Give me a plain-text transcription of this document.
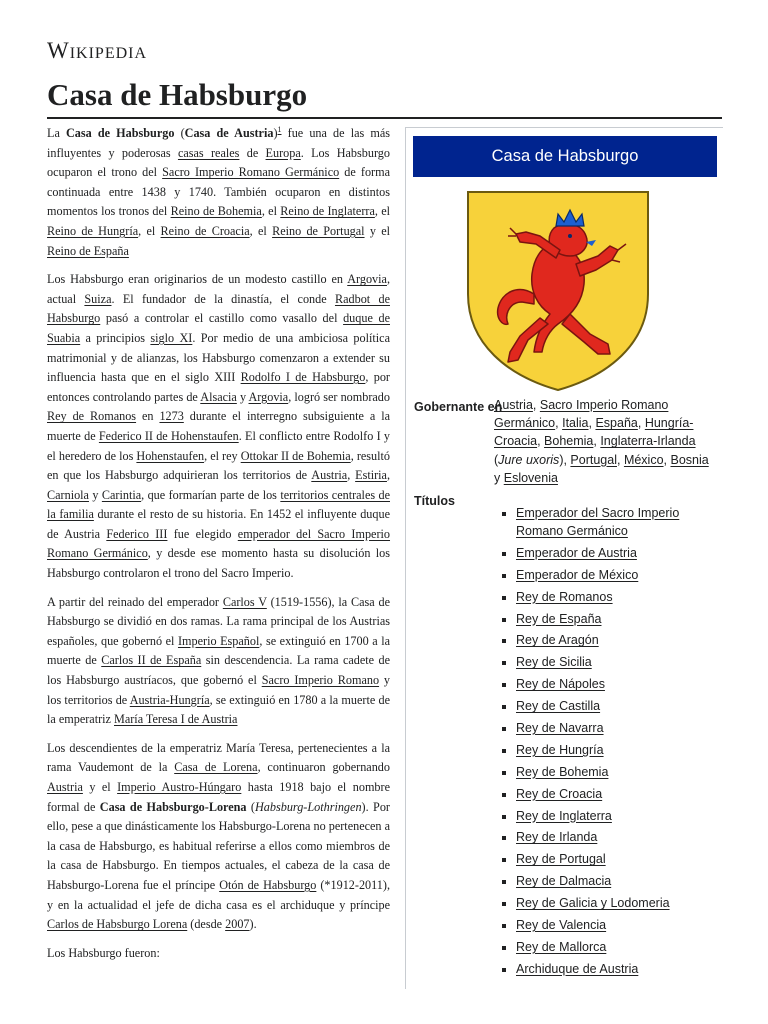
Wikipedia
Casa de Habsburgo

La Casa de Habsburgo (Casa de Austria)$^1$ fue una de las más influyentes y poderosas casas reales de Europa. Los Habsburgo ocuparon el trono del Sacro Imperio Romano Germánico de forma continuada entre 1438 y 1740. También ocuparon en distintos momentos los tronos del Reino de Bohemia, el Reino de Inglaterra, el Reino de Hungría, el Reino de Croacia, el Reino de Portugal y el Reino de España

Los Habsburgo eran originarios de un modesto castillo en Argovia, actual Suiza. El fundador de la dinastía, el conde Radbot de Habsburgo pasó a controlar el castillo como vasallo del duque de Suabia a principios siglo XI. Por medio de una ambiciosa política matrimonial y de alianzas, los Habsburgo comenzaron a extender su influencia hasta que en el siglo XIII Rodolfo I de Habsburgo, por entonces controlando partes de Alsacia y Argovia, logró ser nombrado Rey de Romanos en 1273 durante el interregno subsiguiente a la muerte de Federico II de Hohenstaufen. El conflicto entre Rodolfo I y el heredero de los Hohenstaufen, el rey Ottokar II de Bohemia, resultó en que los Habsburgo adquirieran los territorios de Austria, Estiria, Carniola y Carintia, que formarían parte de los territorios centrales de la familia durante el resto de su historia. En 1452 el influyente duque de Austria Federico III fue elegido emperador del Sacro Imperio Romano Germánico, y desde ese momento hasta su disolución los Habsburgo controlaron el trono del Sacro Imperio.

A partir del reinado del emperador Carlos V (1519-1556), la Casa de Habsburgo se dividió en dos ramas. La rama principal de los Austrias españoles, que gobernó el Imperio Español, se extinguió en 1700 a la muerte de Carlos II de España sin descendencia. La rama cadete de los Habsburgo austríacos, que gobernó el Sacro Imperio Romano y los territorios de Austria-Hungría, se extinguió en 1780 a la muerte de la emperatriz María Teresa I de Austria

Los descendientes de la emperatriz María Teresa, pertenecientes a la rama Vaudemont de la Casa de Lorena, continuaron gobernando Austria y el Imperio Austro-Húngaro hasta 1918 bajo el nombre formal de Casa de Habsburgo-Lorena (Habsburg-Lothringen). Por ello, pese a que dinásticamente los Habsburgo-Lorena no pertenecen a la casa de Habsburgo, es habitual referirse a ellos como miembros de la casa de Habsburgo. En tiempos actuales, el cabeza de la casa de Habsburgo-Lorena fue el príncipe Otón de Habsburgo (*1912-2011), y en la actualidad el jefe de dicha casa es el archiduque y príncipe Carlos de Habsburgo Lorena (desde 2007).

Los Habsburgo fueron:

Casa de Habsburgo
Gobernante en
Austria, Sacro Imperio Romano Germánico, Italia, España, Hungría-Croacia, Bohemia, Inglaterra-Irlanda (Jure uxoris), Portugal, México, Bosnia y Eslovenia
Títulos
Emperador del Sacro Imperio Romano Germánico
Emperador de Austria
Emperador de México
Rey de Romanos
Rey de España
Rey de Aragón
Rey de Sicilia
Rey de Nápoles
Rey de Castilla
Rey de Navarra
Rey de Hungría
Rey de Bohemia
Rey de Croacia
Rey de Inglaterra
Rey de Irlanda
Rey de Portugal
Rey de Dalmacia
Rey de Galicia y Lodomeria
Rey de Valencia
Rey de Mallorca
Archiduque de Austria
